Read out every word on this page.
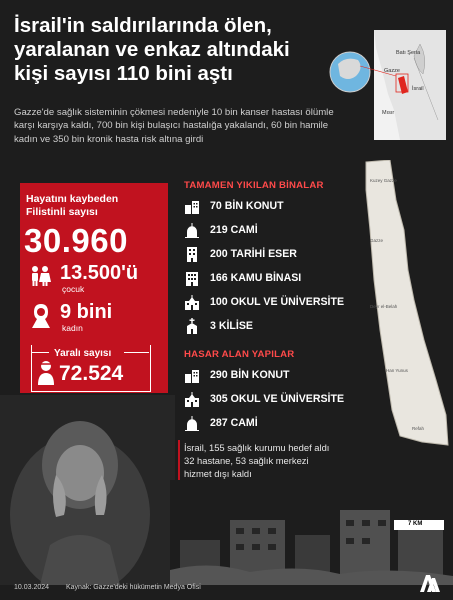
İsrail'in saldırılarında ölen,
yaralanan ve enkaz altındaki
kişi sayısı 110 bini aştı
Gazze'de sağlık sisteminin çökmesi nedeniyle 10 bin kanser hastası ölümle karşı karşıya kaldı, 700 bin kişi bulaşıcı hastalığa yakalandı, 60 bin hamile kadın ve 350 bin kronik hasta risk altına girdi
Batı Şeria
Gazze
İsrail
Mısır
Kuzey Gazze
Gazze
Deyr el-Belah
Han Yunus
Refah
7 KM
Hayatını kaybeden Filistinli sayısı
30.960
13.500'ü
çocuk
9 bini
kadın
Yaralı sayısı
72.524
TAMAMEN YIKILAN BİNALAR
70 BİN KONUT
219 CAMİ
200 TARİHİ ESER
166 KAMU BİNASI
100 OKUL VE ÜNİVERSİTE
3 KİLİSE
HASAR ALAN YAPILAR
290 BİN KONUT
305 OKUL VE ÜNİVERSİTE
287 CAMİ
İsrail, 155 sağlık kurumu hedef aldı
32 hastane, 53 sağlık merkezi
hizmet dışı kaldı
10.03.2024 Kaynak: Gazze'deki hükümetin Medya Ofisi
